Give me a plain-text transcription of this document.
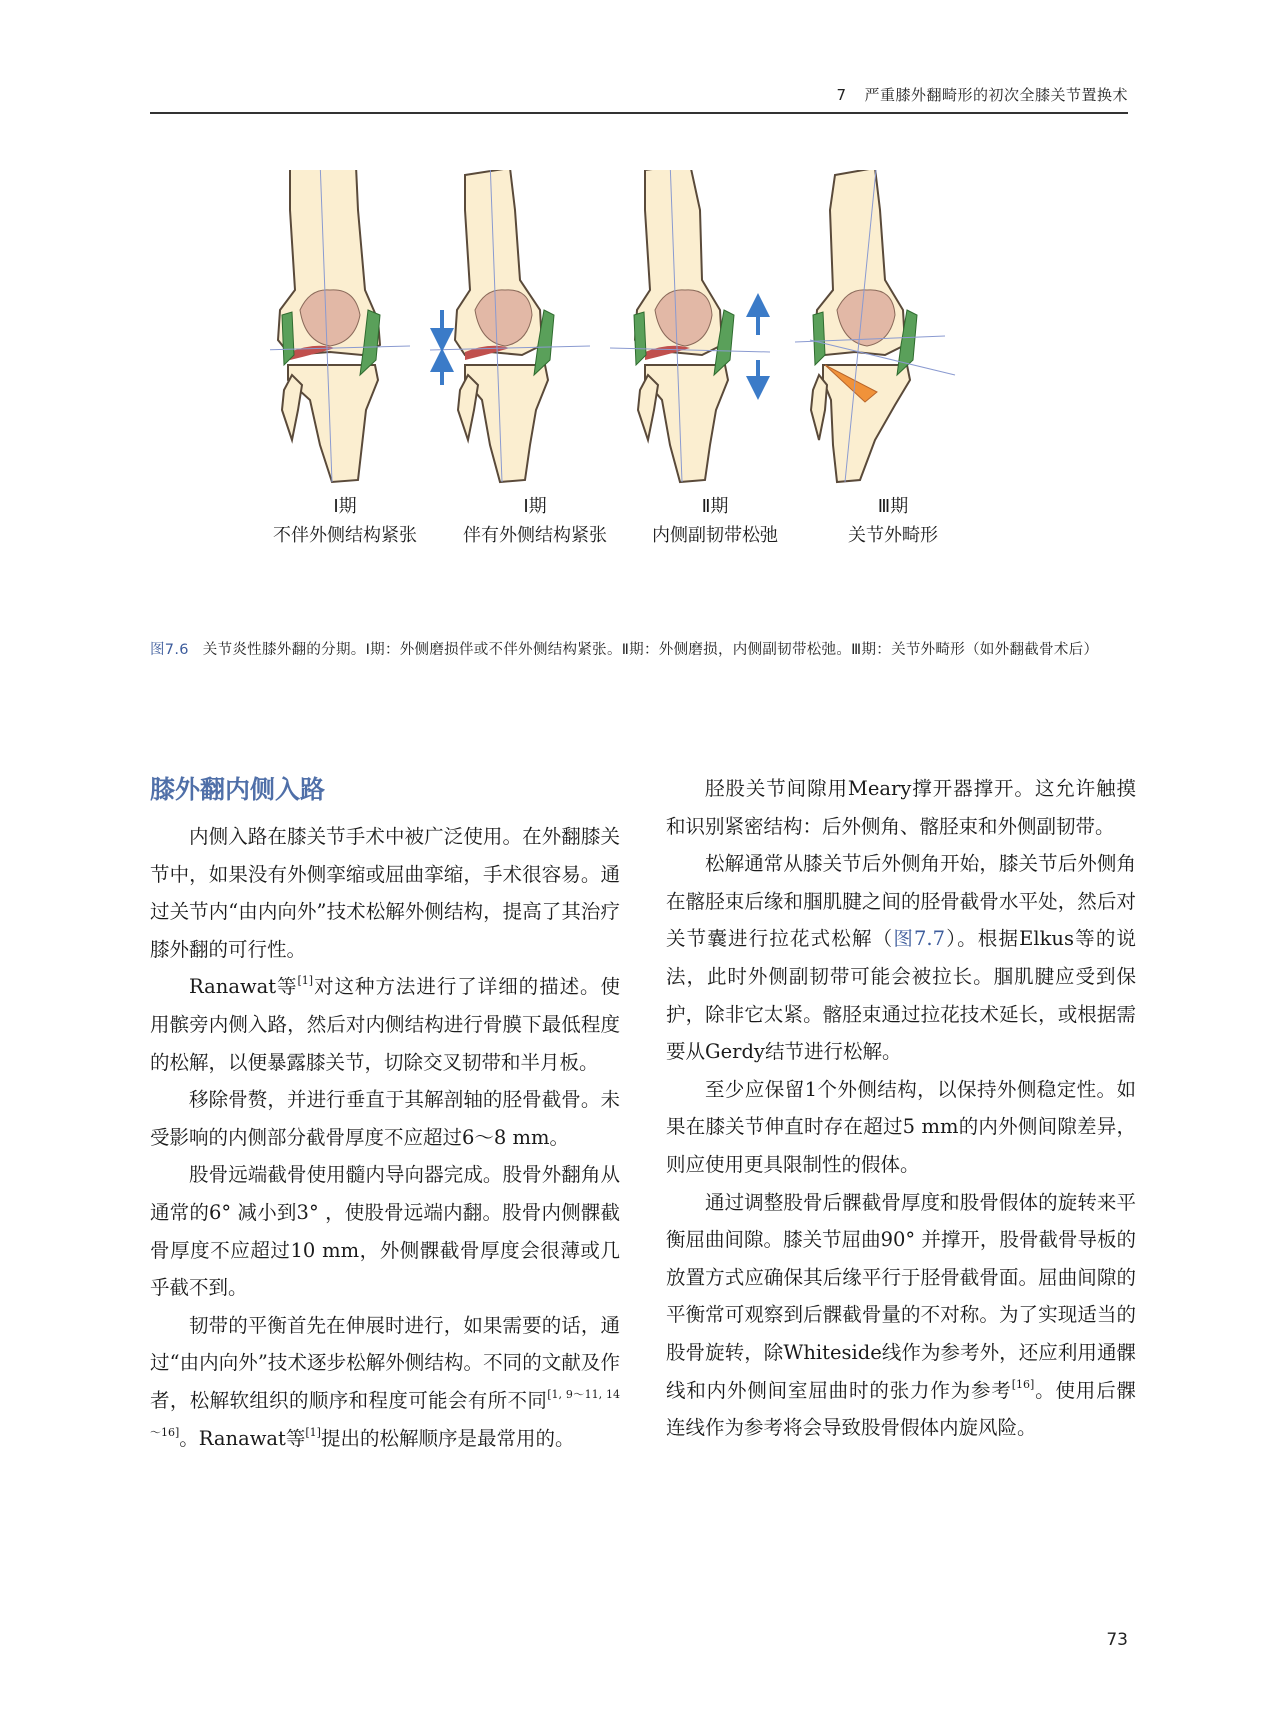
7 严重膝外翻畸形的初次全膝关节置换术
Ⅰ期
不伴外侧结构紧张
Ⅰ期
伴有外侧结构紧张
Ⅱ期
内侧副韧带松弛
Ⅲ期
关节外畸形
图7.6 关节炎性膝外翻的分期。Ⅰ期：外侧磨损伴或不伴外侧结构紧张。Ⅱ期：外侧磨损，内侧副韧带松弛。Ⅲ期：关节外畸形（如外翻截骨术后）
膝外翻内侧入路

内侧入路在膝关节手术中被广泛使用。在外翻膝关节中，如果没有外侧挛缩或屈曲挛缩，手术很容易。通过关节内“由内向外”技术松解外侧结构，提高了其治疗膝外翻的可行性。

Ranawat等[1]对这种方法进行了详细的描述。使用髌旁内侧入路，然后对内侧结构进行骨膜下最低程度的松解，以便暴露膝关节，切除交叉韧带和半月板。

移除骨赘，并进行垂直于其解剖轴的胫骨截骨。未受影响的内侧部分截骨厚度不应超过6～8 mm。

股骨远端截骨使用髓内导向器完成。股骨外翻角从通常的6° 减小到3° ，使股骨远端内翻。股骨内侧髁截骨厚度不应超过10 mm，外侧髁截骨厚度会很薄或几乎截不到。

韧带的平衡首先在伸展时进行，如果需要的话，通过“由内向外”技术逐步松解外侧结构。不同的文献及作者，松解软组织的顺序和程度可能会有所不同[1, 9～11, 14～16]。Ranawat等[1]提出的松解顺序是最常用的。

胫股关节间隙用Meary撑开器撑开。这允许触摸和识别紧密结构：后外侧角、髂胫束和外侧副韧带。

松解通常从膝关节后外侧角开始，膝关节后外侧角在髂胫束后缘和腘肌腱之间的胫骨截骨水平处，然后对关节囊进行拉花式松解（图7.7）。根据Elkus等的说法，此时外侧副韧带可能会被拉长。腘肌腱应受到保护，除非它太紧。髂胫束通过拉花技术延长，或根据需要从Gerdy结节进行松解。

至少应保留1个外侧结构，以保持外侧稳定性。如果在膝关节伸直时存在超过5 mm的内外侧间隙差异，则应使用更具限制性的假体。

通过调整股骨后髁截骨厚度和股骨假体的旋转来平衡屈曲间隙。膝关节屈曲90° 并撑开，股骨截骨导板的放置方式应确保其后缘平行于胫骨截骨面。屈曲间隙的平衡常可观察到后髁截骨量的不对称。为了实现适当的股骨旋转，除Whiteside线作为参考外，还应利用通髁线和内外侧间室屈曲时的张力作为参考[16]。使用后髁连线作为参考将会导致股骨假体内旋风险。

73
